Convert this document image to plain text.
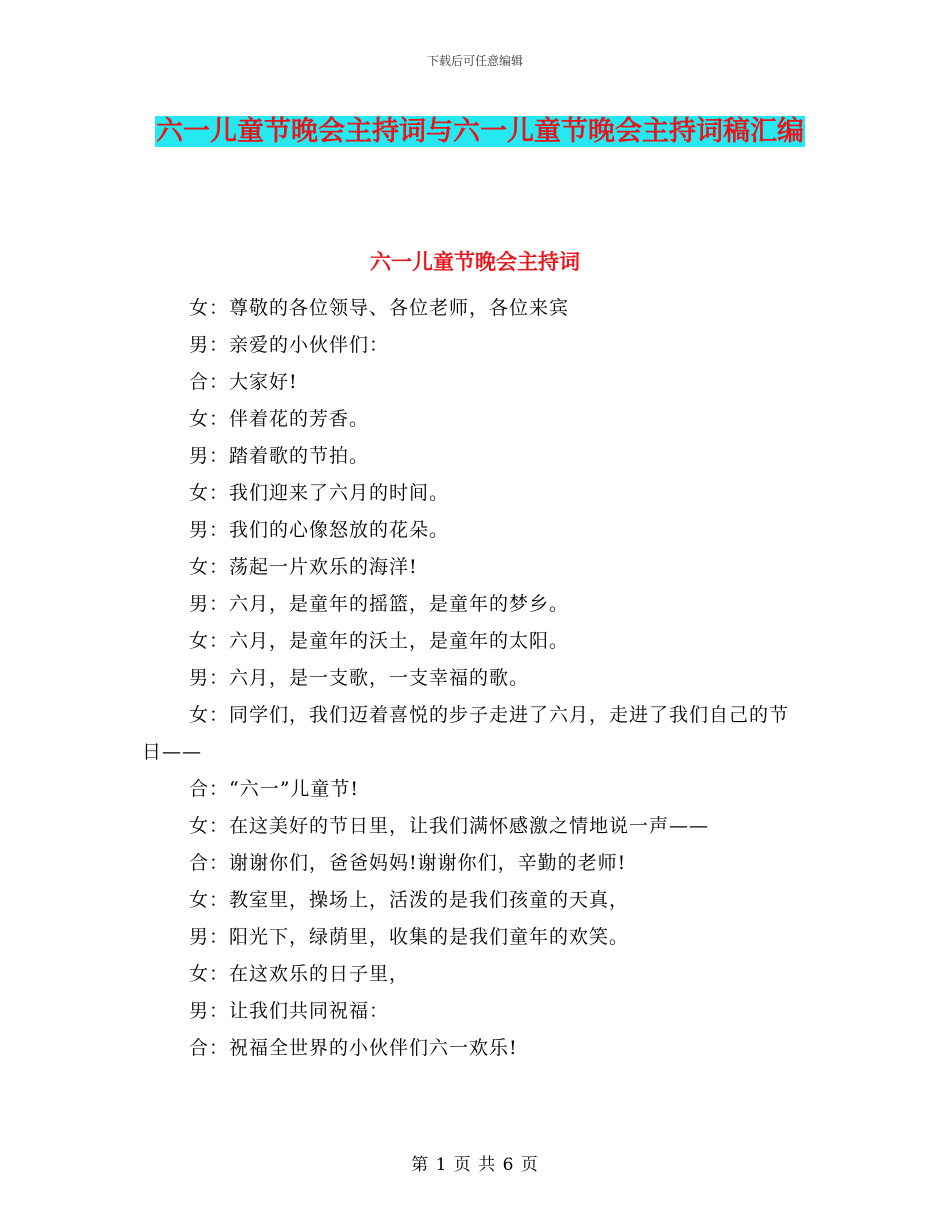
下载后可任意编辑
六一儿童节晚会主持词与六一儿童节晚会主持词稿汇编
六一儿童节晚会主持词

女：尊敬的各位领导、各位老师，各位来宾

男：亲爱的小伙伴们：

合：大家好!

女：伴着花的芳香。

男：踏着歌的节拍。

女：我们迎来了六月的时间。

男：我们的心像怒放的花朵。

女：荡起一片欢乐的海洋!

男：六月，是童年的摇篮，是童年的梦乡。

女：六月，是童年的沃土，是童年的太阳。

男：六月，是一支歌，一支幸福的歌。

女：同学们，我们迈着喜悦的步子走进了六月，走进了我们自己的节日——

合：“六一”儿童节!

女：在这美好的节日里，让我们满怀感激之情地说一声——

合：谢谢你们，爸爸妈妈!谢谢你们，辛勤的老师!

女：教室里，操场上，活泼的是我们孩童的天真，

男：阳光下，绿荫里，收集的是我们童年的欢笑。

女：在这欢乐的日子里，

男：让我们共同祝福：

合：祝福全世界的小伙伴们六一欢乐!

第 1 页 共 6 页
